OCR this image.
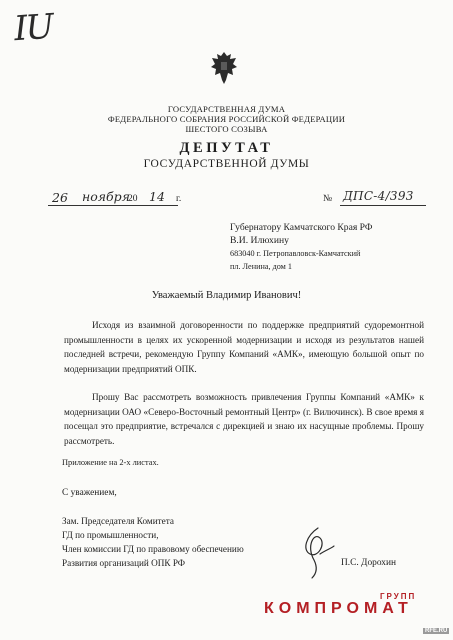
IU
ГОСУДАРСТВЕННАЯ ДУМА
ФЕДЕРАЛЬНОГО СОБРАНИЯ РОССИЙСКОЙ ФЕДЕРАЦИИ
ШЕСТОГО СОЗЫВА
ДЕПУТАТ
ГОСУДАРСТВЕННОЙ ДУМЫ
26 ноября
20 14 г.	№ ДПС-4/393
Губернатору Камчатского Края РФ
В.И. Илюхину
683040 г. Петропавловск-Камчатский
пл. Ленина, дом 1
Уважаемый Владимир Иванович!
Исходя из взаимной договоренности по поддержке предприятий судоремонтной промышленности в целях их ускоренной модернизации и исходя из результатов нашей последней встречи, рекомендую Группу Компаний «АМК», имеющую большой опыт по модернизации предприятий ОПК.
Прошу Вас рассмотреть возможность привлечения Группы Компаний «АМК» к модернизации ОАО «Северо-Восточный ремонтный Центр» (г. Вилючинск). В свое время я посещал это предприятие, встречался с дирекцией и знаю их насущные проблемы. Прошу рассмотреть.
Приложение на 2-х листах.
С уважением,
Зам. Председателя Комитета
ГД по промышленности,
Член комиссии ГД по правовому обеспечению
Развития организаций ОПК РФ	П.С. Дорохин
ГРУПП
КОМПРОМАТ
RFE.RU
